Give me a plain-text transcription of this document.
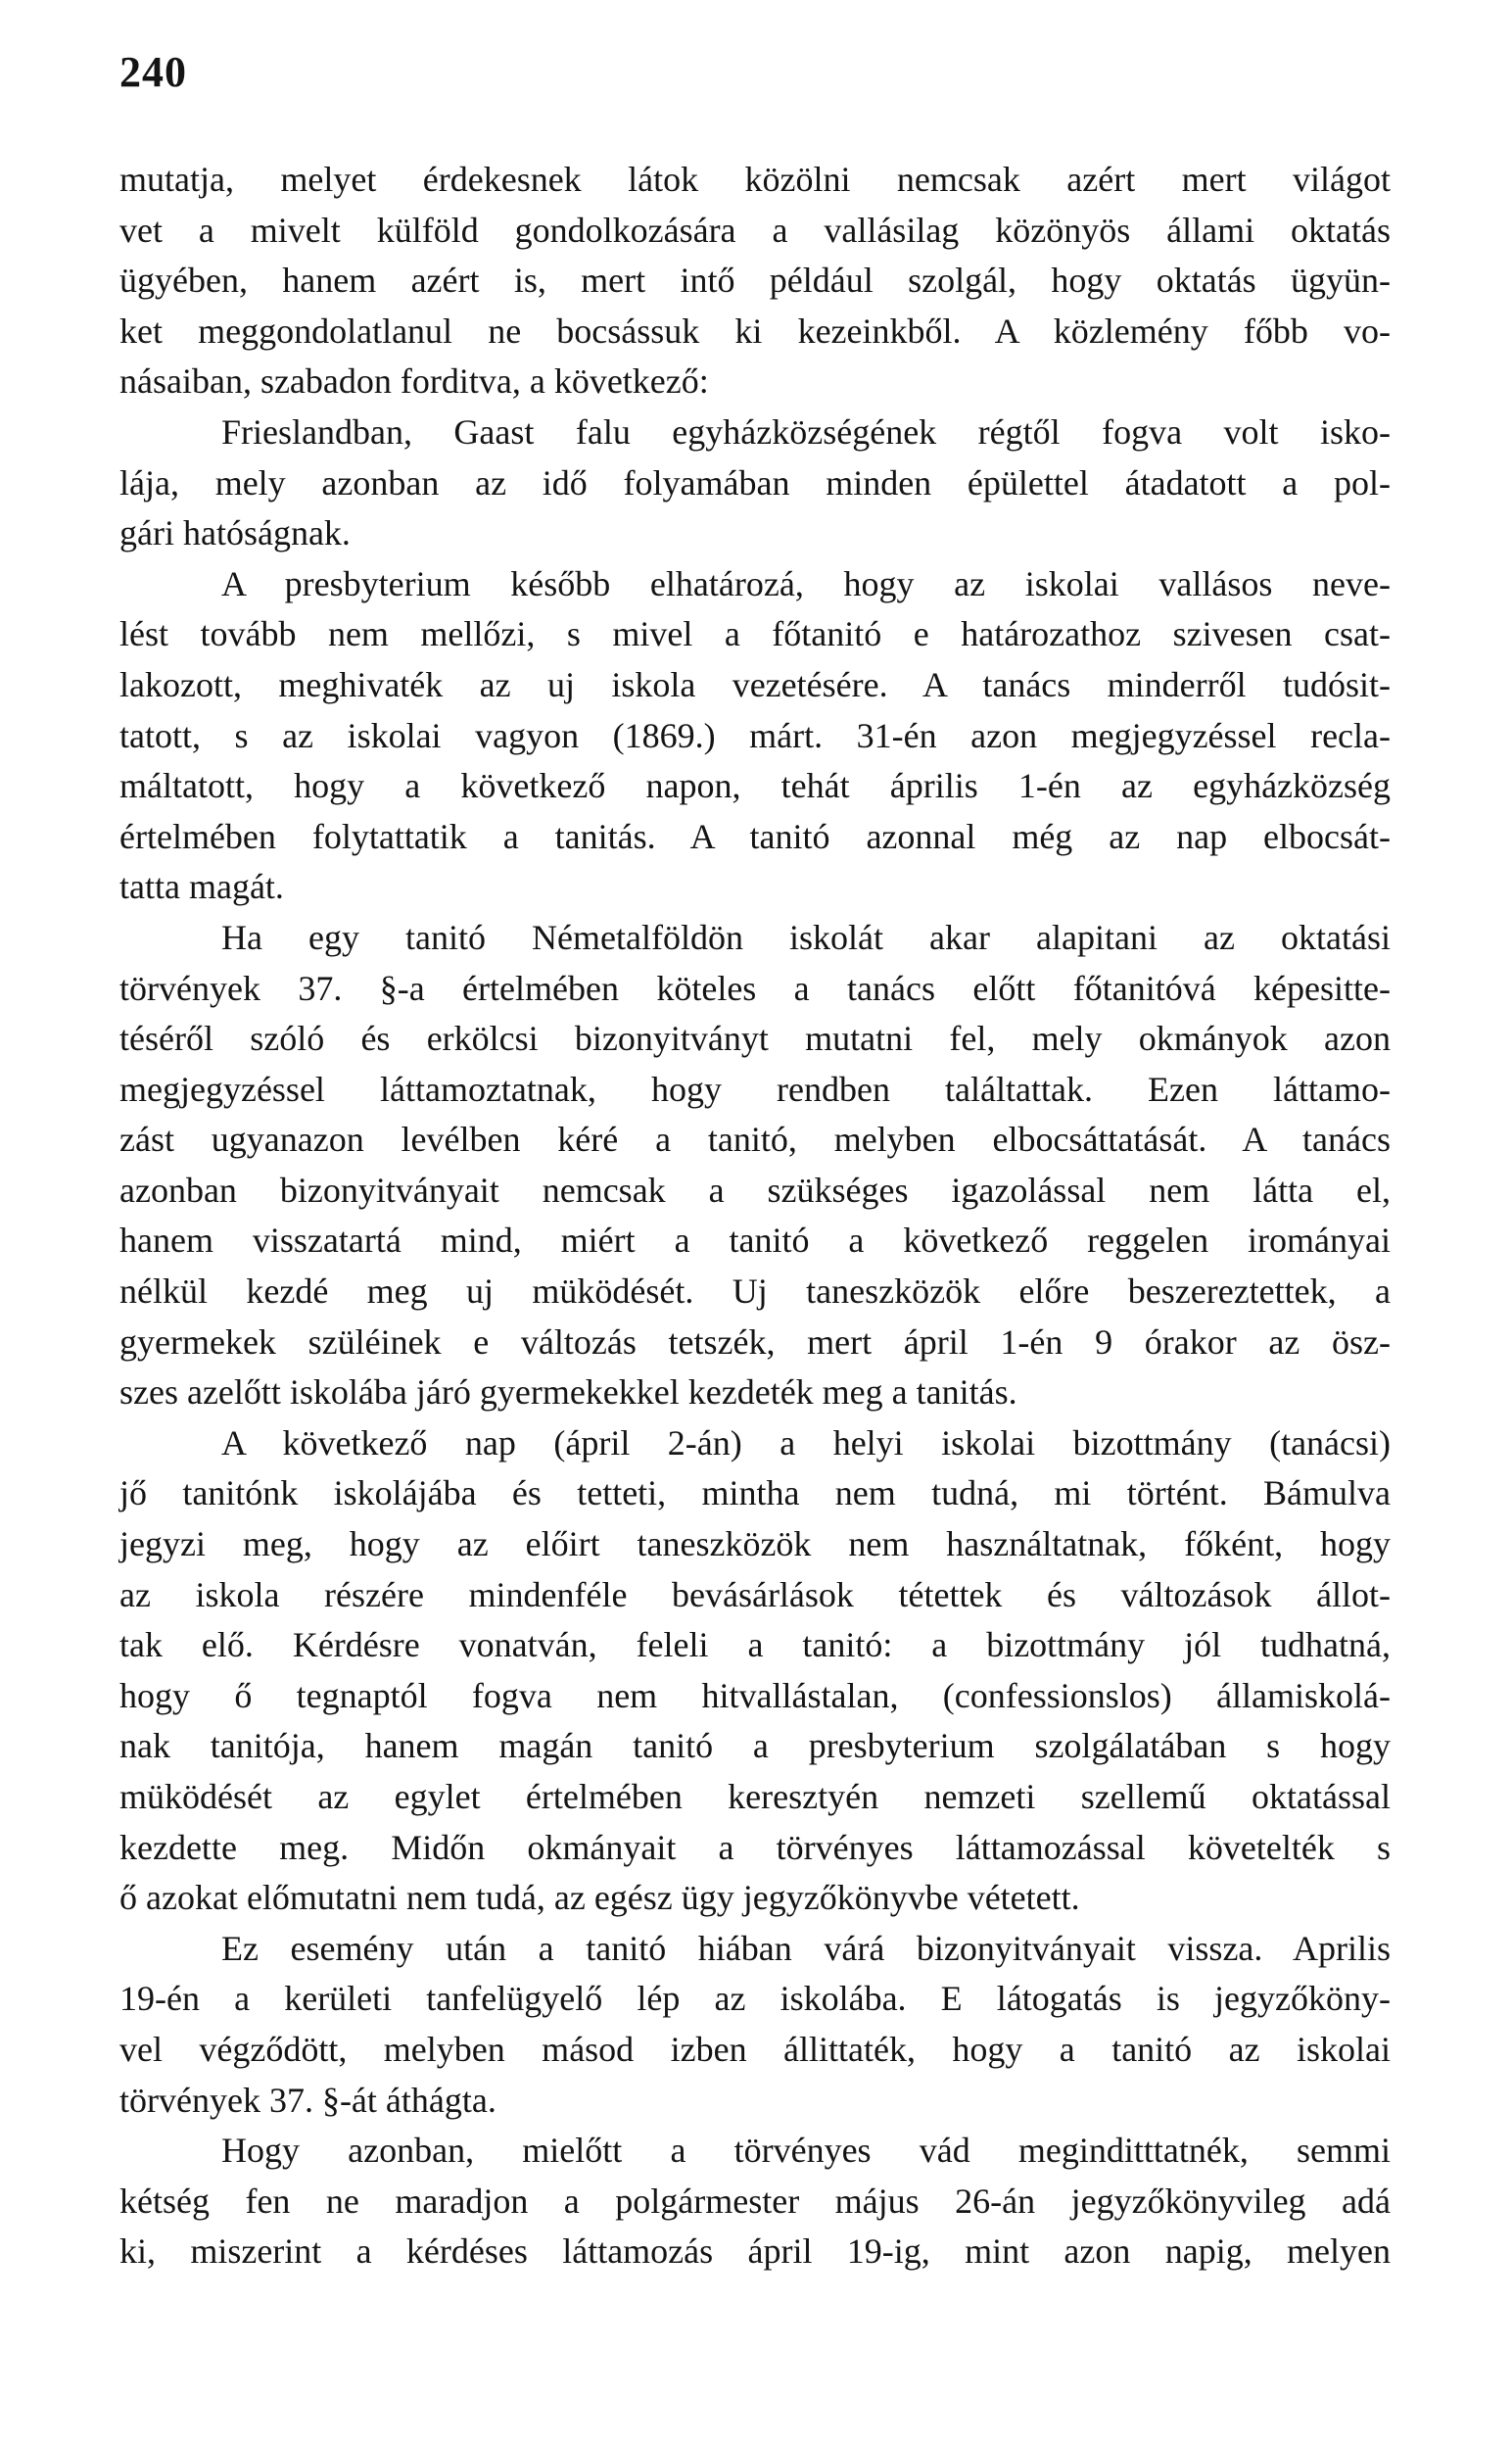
240
mutatja, melyet érdekesnek látok közölni nemcsak azért mert világot
vet a mivelt külföld gondolkozására a vallásilag közönyös állami oktatás
ügyében, hanem azért is, mert intő például szolgál, hogy oktatás ügyün-
ket meggondolatlanul ne bocsássuk ki kezeinkből. A közlemény főbb vo-
násaiban, szabadon forditva, a következő:
Frieslandban, Gaast falu egyházközségének régtől fogva volt isko-
lája, mely azonban az idő folyamában minden épülettel átadatott a pol-
gári hatóságnak.
A presbyterium később elhatározá, hogy az iskolai vallásos neve-
lést tovább nem mellőzi, s mivel a főtanitó e határozathoz szivesen csat-
lakozott, meghivaték az uj iskola vezetésére. A tanács minderről tudósit-
tatott, s az iskolai vagyon (1869.) márt. 31-én azon megjegyzéssel recla-
máltatott, hogy a következő napon, tehát április 1-én az egyházközség
értelmében folytattatik a tanitás. A tanitó azonnal még az nap elbocsát-
tatta magát.
Ha egy tanitó Németalföldön iskolát akar alapitani az oktatási
törvények 37. §-a értelmében köteles a tanács előtt főtanitóvá képesitte-
téséről szóló és erkölcsi bizonyitványt mutatni fel, mely okmányok azon
megjegyzéssel láttamoztatnak, hogy rendben találtattak. Ezen láttamo-
zást ugyanazon levélben kéré a tanitó, melyben elbocsáttatását. A tanács
azonban bizonyitványait nemcsak a szükséges igazolással nem látta el,
hanem visszatartá mind, miért a tanitó a következő reggelen irományai
nélkül kezdé meg uj müködését. Uj taneszközök előre beszereztettek, a
gyermekek szüléinek e változás tetszék, mert ápril 1-én 9 órakor az ösz-
szes azelőtt iskolába járó gyermekekkel kezdeték meg a tanitás.
A következő nap (ápril 2-án) a helyi iskolai bizottmány (tanácsi)
jő tanitónk iskolájába és tetteti, mintha nem tudná, mi történt. Bámulva
jegyzi meg, hogy az előirt taneszközök nem használtatnak, főként, hogy
az iskola részére mindenféle bevásárlások tétettek és változások állot-
tak elő. Kérdésre vonatván, feleli a tanitó: a bizottmány jól tudhatná,
hogy ő tegnaptól fogva nem hitvallástalan, (confessionslos) államiskolá-
nak tanitója, hanem magán tanitó a presbyterium szolgálatában s hogy
müködését az egylet értelmében keresztyén nemzeti szellemű oktatással
kezdette meg. Midőn okmányait a törvényes láttamozással követelték s
ő azokat előmutatni nem tudá, az egész ügy jegyzőkönyvbe vétetett.
Ez esemény után a tanitó hiában várá bizonyitványait vissza. Aprilis
19-én a kerületi tanfelügyelő lép az iskolába. E látogatás is jegyzőköny-
vel végződött, melyben másod izben állittaték, hogy a tanitó az iskolai
törvények 37. §-át áthágta.
Hogy azonban, mielőtt a törvényes vád meginditttatnék, semmi
kétség fen ne maradjon a polgármester május 26-án jegyzőkönyvileg adá
ki, miszerint a kérdéses láttamozás ápril 19-ig, mint azon napig, melyen
